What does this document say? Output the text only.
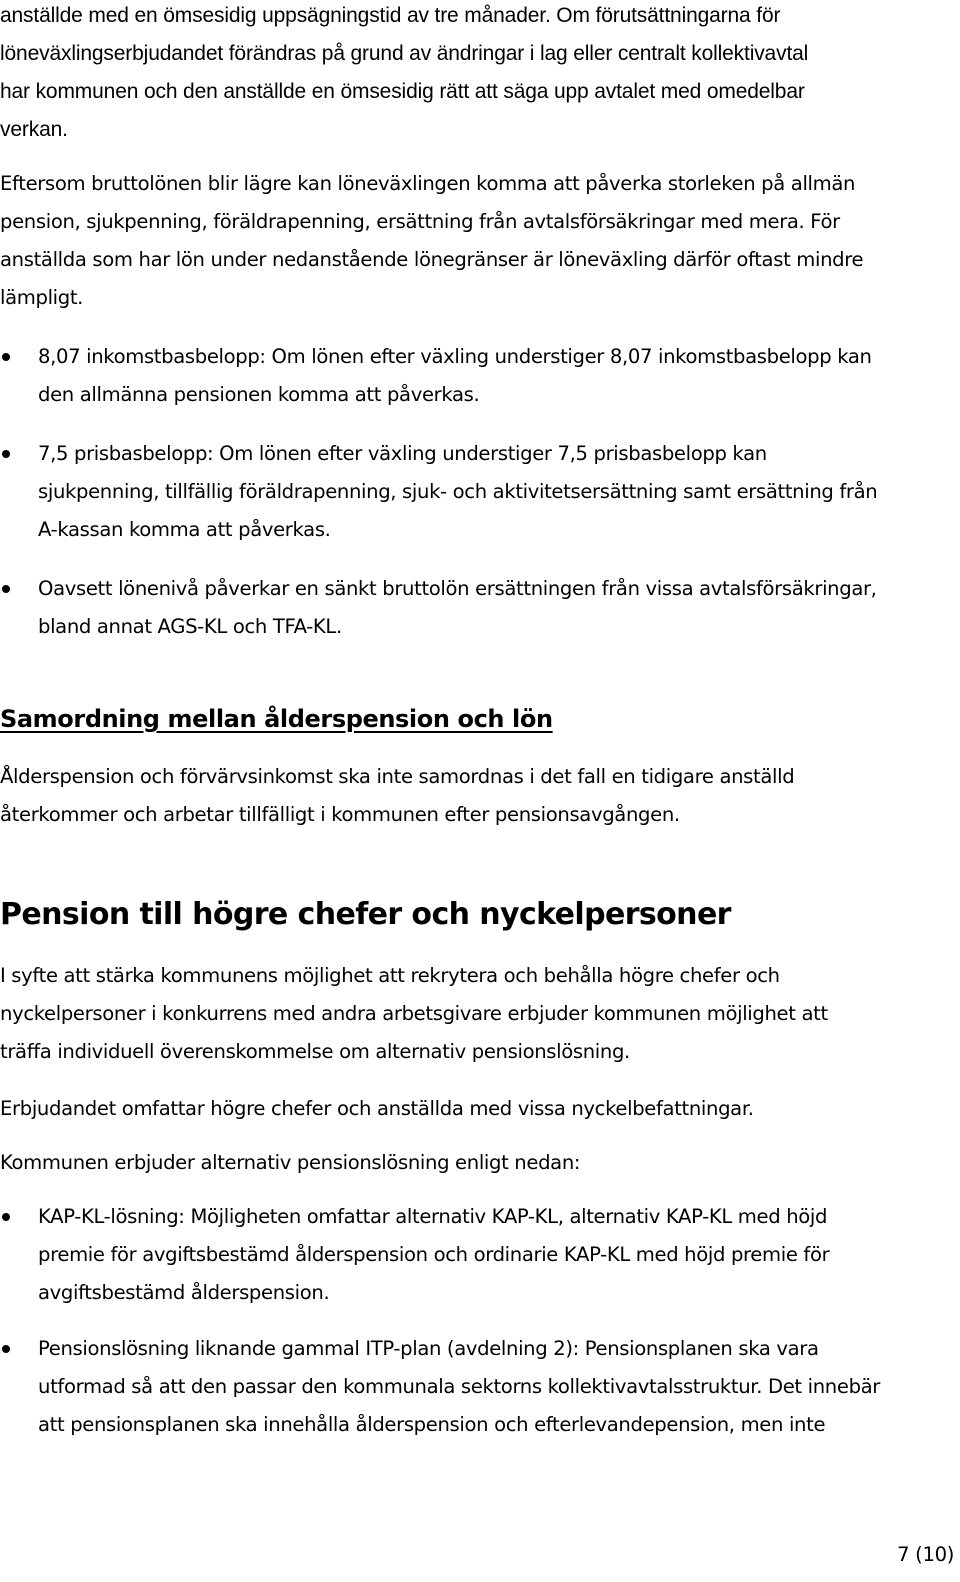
anställde med en ömsesidig uppsägningstid av tre månader. Om förutsättningarna för
löneväxlingserbjudandet förändras på grund av ändringar i lag eller centralt kollektivavtal
har kommunen och den anställde en ömsesidig rätt att säga upp avtalet med omedelbar
verkan.

Eftersom bruttolönen blir lägre kan löneväxlingen komma att påverka storleken på allmän
pension, sjukpenning, föräldrapenning, ersättning från avtalsförsäkringar med mera. För
anställda som har lön under nedanstående lönegränser är löneväxling därför oftast mindre
lämpligt.

8,07 inkomstbasbelopp: Om lönen efter växling understiger 8,07 inkomstbasbelopp kan
den allmänna pensionen komma att påverkas.
7,5 prisbasbelopp: Om lönen efter växling understiger 7,5 prisbasbelopp kan
sjukpenning, tillfällig föräldrapenning, sjuk- och aktivitetsersättning samt ersättning från
A-kassan komma att påverkas.
Oavsett lönenivå påverkar en sänkt bruttolön ersättningen från vissa avtalsförsäkringar,
bland annat AGS-KL och TFA-KL.
Samordning mellan ålderspension och lön

Ålderspension och förvärvsinkomst ska inte samordnas i det fall en tidigare anställd
återkommer och arbetar tillfälligt i kommunen efter pensionsavgången.

Pension till högre chefer och nyckelpersoner

I syfte att stärka kommunens möjlighet att rekrytera och behålla högre chefer och
nyckelpersoner i konkurrens med andra arbetsgivare erbjuder kommunen möjlighet att
träffa individuell överenskommelse om alternativ pensionslösning.

Erbjudandet omfattar högre chefer och anställda med vissa nyckelbefattningar.

Kommunen erbjuder alternativ pensionslösning enligt nedan:

KAP-KL-lösning: Möjligheten omfattar alternativ KAP-KL, alternativ KAP-KL med höjd
premie för avgiftsbestämd ålderspension och ordinarie KAP-KL med höjd premie för
avgiftsbestämd ålderspension.
Pensionslösning liknande gammal ITP-plan (avdelning 2): Pensionsplanen ska vara
utformad så att den passar den kommunala sektorns kollektivavtalsstruktur. Det innebär
att pensionsplanen ska innehålla ålderspension och efterlevandepension, men inte
7 (10)
